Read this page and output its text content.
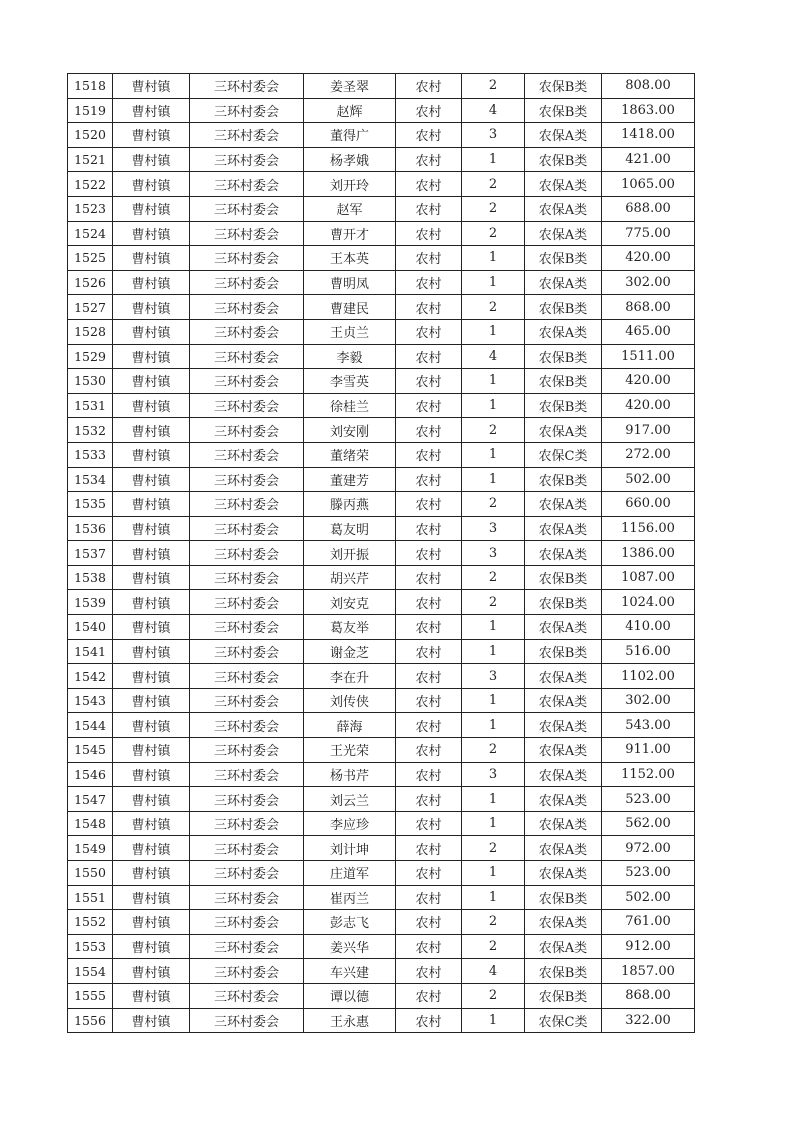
1518	曹村镇	三环村委会	姜圣翠	农村	2	农保B类	808.00
1519	曹村镇	三环村委会	赵辉	农村	4	农保B类	1863.00
1520	曹村镇	三环村委会	董得广	农村	3	农保A类	1418.00
1521	曹村镇	三环村委会	杨孝娥	农村	1	农保B类	421.00
1522	曹村镇	三环村委会	刘开玲	农村	2	农保A类	1065.00
1523	曹村镇	三环村委会	赵军	农村	2	农保A类	688.00
1524	曹村镇	三环村委会	曹开才	农村	2	农保A类	775.00
1525	曹村镇	三环村委会	王本英	农村	1	农保B类	420.00
1526	曹村镇	三环村委会	曹明凤	农村	1	农保A类	302.00
1527	曹村镇	三环村委会	曹建民	农村	2	农保B类	868.00
1528	曹村镇	三环村委会	王贞兰	农村	1	农保A类	465.00
1529	曹村镇	三环村委会	李毅	农村	4	农保B类	1511.00
1530	曹村镇	三环村委会	李雪英	农村	1	农保B类	420.00
1531	曹村镇	三环村委会	徐桂兰	农村	1	农保B类	420.00
1532	曹村镇	三环村委会	刘安刚	农村	2	农保A类	917.00
1533	曹村镇	三环村委会	董绪荣	农村	1	农保C类	272.00
1534	曹村镇	三环村委会	董建芳	农村	1	农保B类	502.00
1535	曹村镇	三环村委会	滕丙燕	农村	2	农保A类	660.00
1536	曹村镇	三环村委会	葛友明	农村	3	农保A类	1156.00
1537	曹村镇	三环村委会	刘开振	农村	3	农保A类	1386.00
1538	曹村镇	三环村委会	胡兴芹	农村	2	农保B类	1087.00
1539	曹村镇	三环村委会	刘安克	农村	2	农保B类	1024.00
1540	曹村镇	三环村委会	葛友举	农村	1	农保A类	410.00
1541	曹村镇	三环村委会	谢金芝	农村	1	农保B类	516.00
1542	曹村镇	三环村委会	李在升	农村	3	农保A类	1102.00
1543	曹村镇	三环村委会	刘传侠	农村	1	农保A类	302.00
1544	曹村镇	三环村委会	薛海	农村	1	农保A类	543.00
1545	曹村镇	三环村委会	王光荣	农村	2	农保A类	911.00
1546	曹村镇	三环村委会	杨书芹	农村	3	农保A类	1152.00
1547	曹村镇	三环村委会	刘云兰	农村	1	农保A类	523.00
1548	曹村镇	三环村委会	李应珍	农村	1	农保A类	562.00
1549	曹村镇	三环村委会	刘计坤	农村	2	农保A类	972.00
1550	曹村镇	三环村委会	庄道军	农村	1	农保A类	523.00
1551	曹村镇	三环村委会	崔丙兰	农村	1	农保B类	502.00
1552	曹村镇	三环村委会	彭志飞	农村	2	农保A类	761.00
1553	曹村镇	三环村委会	姜兴华	农村	2	农保A类	912.00
1554	曹村镇	三环村委会	车兴建	农村	4	农保B类	1857.00
1555	曹村镇	三环村委会	谭以德	农村	2	农保B类	868.00
1556	曹村镇	三环村委会	王永惠	农村	1	农保C类	322.00
